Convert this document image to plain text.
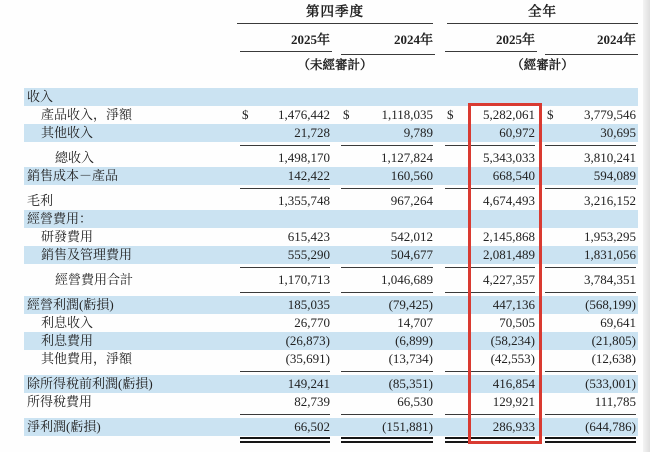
第四季度	全年
2025年	2024年	2025年	2024年
（未經審計）	（經審計）
收入
產品收入，淨額	$ 1,476,442 $ 1,118,035 $ 5,282,061 $ 3,779,546
其他收入	21,728	9,789	60,972	30,695
總收入	1,498,170	1,127,824	5,343,033	3,810,241
銷售成本－產品	142,422	160,560	668,540	594,089
毛利	1,355,748	967,264	4,674,493	3,216,152
經營費用：
研發費用	615,423	542,012	2,145,868	1,953,295
銷售及管理費用	555,290	504,677	2,081,489	1,831,056
經營費用合計	1,170,713	1,046,689	4,227,357	3,784,351
經營利潤(虧損)	185,035	(79,425)	447,136	(568,199)
利息收入	26,770	14,707	70,505	69,641
利息費用	(26,873)	(6,899)	(58,234)	(21,805)
其他費用，淨額	(35,691)	(13,734)	(42,553)	(12,638)
除所得稅前利潤(虧損)	149,241	(85,351)	416,854	(533,001)
所得稅費用	82,739	66,530	129,921	111,785
淨利潤(虧損)	66,502	(151,881)	286,933	(644,786)
